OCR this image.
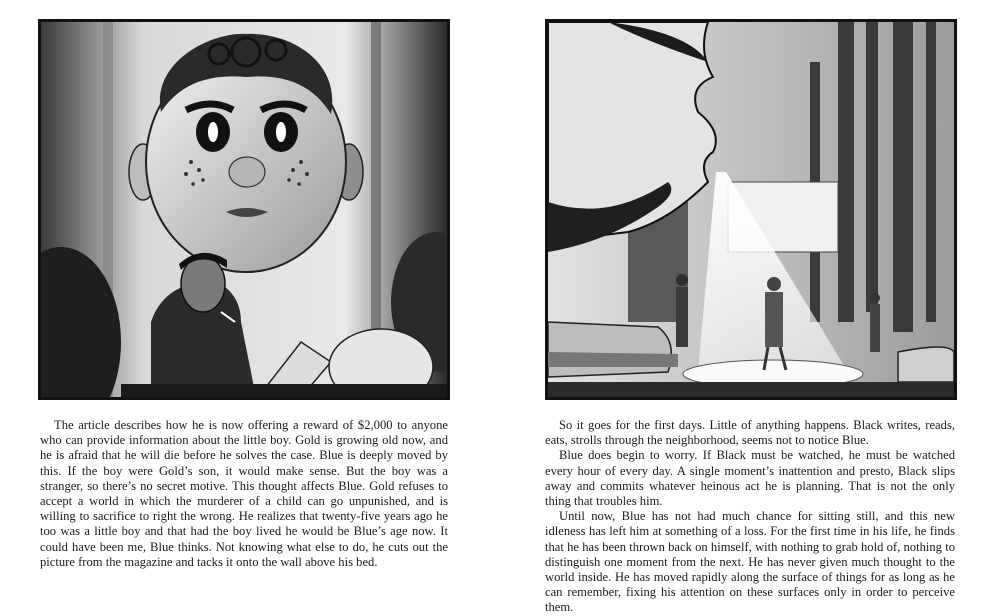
The article describes how he is now offering a reward of $2,000 to anyone who can provide information about the little boy. Gold is growing old now, and he is afraid that he will die before he solves the case. Blue is deeply moved by this. If the boy were Gold’s son, it would make sense. But the boy was a stranger, so there’s no secret motive. This thought affects Blue. Gold refuses to accept a world in which the murderer of a child can go unpunished, and is willing to sacrifice to right the wrong. He realizes that twenty-five years ago he too was a little boy and that had the boy lived he would be Blue’s age now. It could have been me, Blue thinks. Not knowing what else to do, he cuts out the picture from the magazine and tacks it onto the wall above his bed.

So it goes for the first days. Little of anything happens. Black writes, reads, eats, strolls through the neighborhood, seems not to notice Blue.

Blue does begin to worry. If Black must be watched, he must be watched every hour of every day. A single moment’s inattention and presto, Black slips away and commits whatever heinous act he is planning. That is not the only thing that troubles him.

Until now, Blue has not had much chance for sitting still, and this new idleness has left him at something of a loss. For the first time in his life, he finds that he has been thrown back on himself, with nothing to grab hold of, nothing to distinguish one moment from the next. He has never given much thought to the world inside. He has moved rapidly along the surface of things for as long as he can remember, fixing his attention on these surfaces only in order to perceive them.
